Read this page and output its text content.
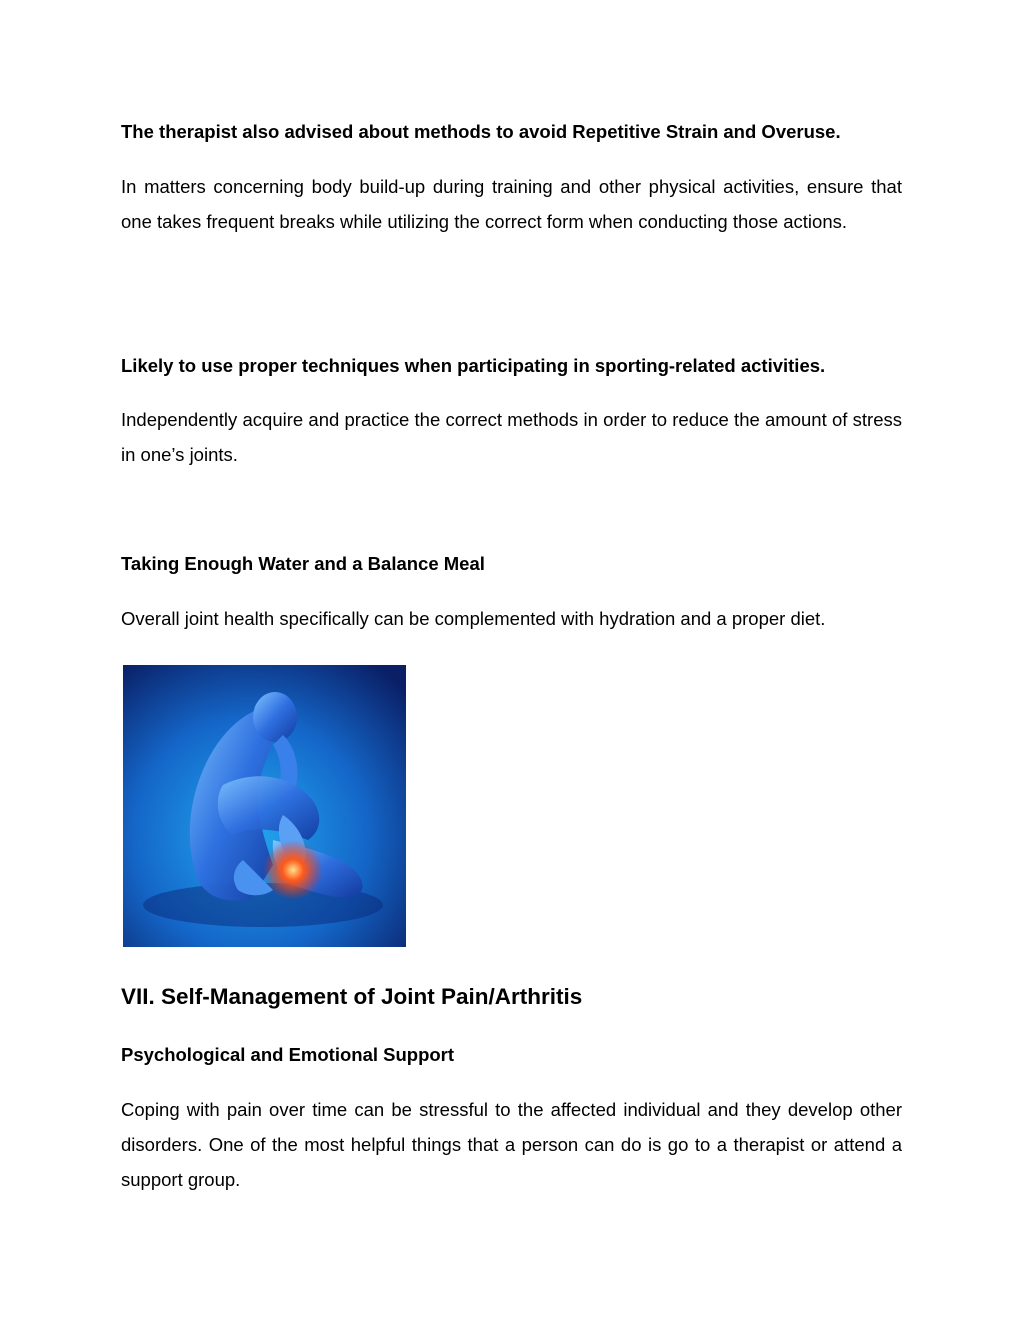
The therapist also advised about methods to avoid Repetitive Strain and Overuse.

In matters concerning body build-up during training and other physical activities, ensure that one takes frequent breaks while utilizing the correct form when conducting those actions.

Likely to use proper techniques when participating in sporting-related activities.

Independently acquire and practice the correct methods in order to reduce the amount of stress in one’s joints.

Taking Enough Water and a Balance Meal

Overall joint health specifically can be complemented with hydration and a proper diet.

VII. Self-Management of Joint Pain/Arthritis

Psychological and Emotional Support

Coping with pain over time can be stressful to the affected individual and they develop other disorders. One of the most helpful things that a person can do is go to a therapist or attend a support group.
